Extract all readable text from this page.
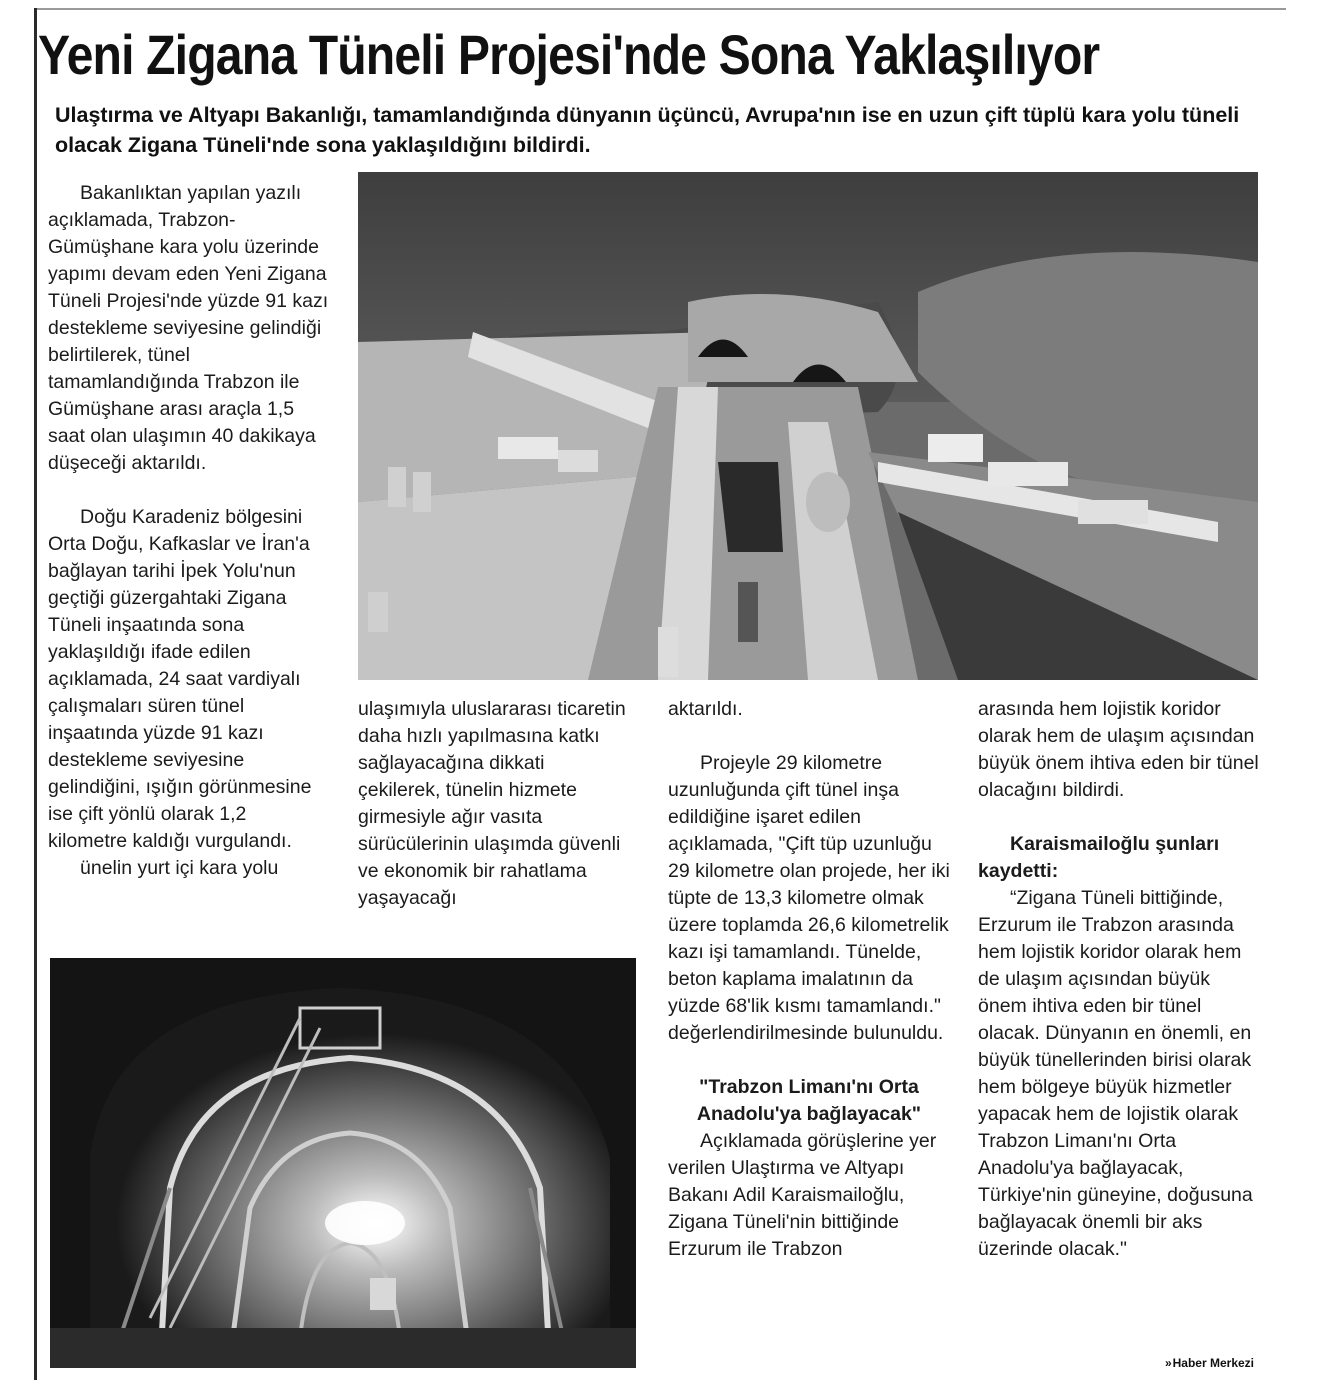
Yeni Zigana Tüneli Projesi'nde Sona Yaklaşılıyor
Ulaştırma ve Altyapı Bakanlığı, tamamlandığında dünyanın üçüncü, Avrupa'nın ise en uzun çift tüplü kara yolu tüneli olacak Zigana Tüneli'nde sona yaklaşıldığını bildirdi.

Bakanlıktan yapılan yazılı açıklamada, Trabzon-Gümüşhane kara yolu üzerinde yapımı devam eden Yeni Zigana Tüneli Projesi'nde yüzde 91 kazı destekleme seviyesine gelindiği belirtilerek, tünel tamamlandığında Trabzon ile Gümüşhane arası araçla 1,5 saat olan ulaşımın 40 dakikaya düşeceği aktarıldı.

Doğu Karadeniz bölgesini Orta Doğu, Kafkaslar ve İran'a bağlayan tarihi İpek Yolu'nun geçtiği güzergahtaki Zigana Tüneli inşaatında sona yaklaşıldığı ifade edilen açıklamada, 24 saat vardiyalı çalışmaları süren tünel inşaatında yüzde 91 kazı destekleme seviyesine gelindiğini, ışığın görünmesine ise çift yönlü olarak 1,2 kilometre kaldığı vurgulandı.

ünelin yurt içi kara yolu

ulaşımıyla uluslararası ticaretin daha hızlı yapılmasına katkı sağlayacağına dikkati çekilerek, tünelin hizmete girmesiyle ağır vasıta sürücülerinin ulaşımda güvenli ve ekonomik bir rahatlama yaşayacağı

aktarıldı.

Projeyle 29 kilometre uzunluğunda çift tünel inşa edildiğine işaret edilen açıklamada, "Çift tüp uzunluğu 29 kilometre olan projede, her iki tüpte de 13,3 kilometre olmak üzere toplamda 26,6 kilometrelik kazı işi tamamlandı. Tünelde, beton kaplama imalatının da yüzde 68'lik kısmı tamamlandı." değerlendirilmesinde bulunuldu.

"Trabzon Limanı'nı Orta Anadolu'ya bağlayacak"

Açıklamada görüşlerine yer verilen Ulaştırma ve Altyapı Bakanı Adil Karaismailoğlu, Zigana Tüneli'nin bittiğinde Erzurum ile Trabzon

arasında hem lojistik koridor olarak hem de ulaşım açısından büyük önem ihtiva eden bir tünel olacağını bildirdi.

Karaismailoğlu şunları kaydetti:

“Zigana Tüneli bittiğinde, Erzurum ile Trabzon arasında hem lojistik koridor olarak hem de ulaşım açısından büyük önem ihtiva eden bir tünel olacak. Dünyanın en önemli, en büyük tünellerinden birisi olarak hem bölgeye büyük hizmetler yapacak hem de lojistik olarak Trabzon Limanı'nı Orta Anadolu'ya bağlayacak, Türkiye'nin güneyine, doğusuna bağlayacak önemli bir aks üzerinde olacak."

» Haber Merkezi
